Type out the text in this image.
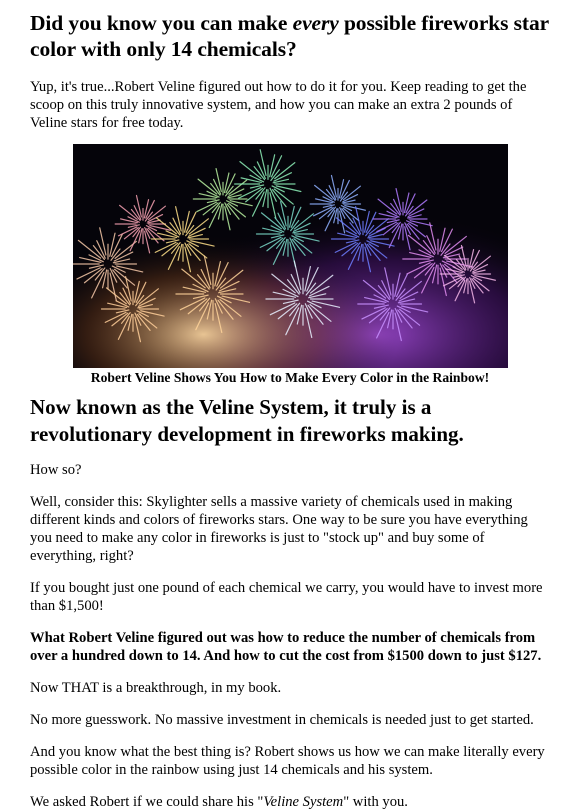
Did you know you can make every possible fireworks star color with only 14 chemicals?

Yup, it's true...Robert Veline figured out how to do it for you. Keep reading to get the scoop on this truly innovative system, and how you can make an extra 2 pounds of Veline stars for free today.

Robert Veline Shows You How to Make Every Color in the Rainbow!
Now known as the Veline System, it truly is a revolutionary development in fireworks making.

How so?

Well, consider this: Skylighter sells a massive variety of chemicals used in making different kinds and colors of fireworks stars. One way to be sure you have everything you need to make any color in fireworks is just to "stock up" and buy some of everything, right?

If you bought just one pound of each chemical we carry, you would have to invest more than $1,500!

What Robert Veline figured out was how to reduce the number of chemicals from over a hundred down to 14. And how to cut the cost from $1500 down to just $127.

Now THAT is a breakthrough, in my book.

No more guesswork. No massive investment in chemicals is needed just to get started.

And you know what the best thing is? Robert shows us how we can make literally every possible color in the rainbow using just 14 chemicals and his system.

We asked Robert if we could share his "Veline System" with you.
